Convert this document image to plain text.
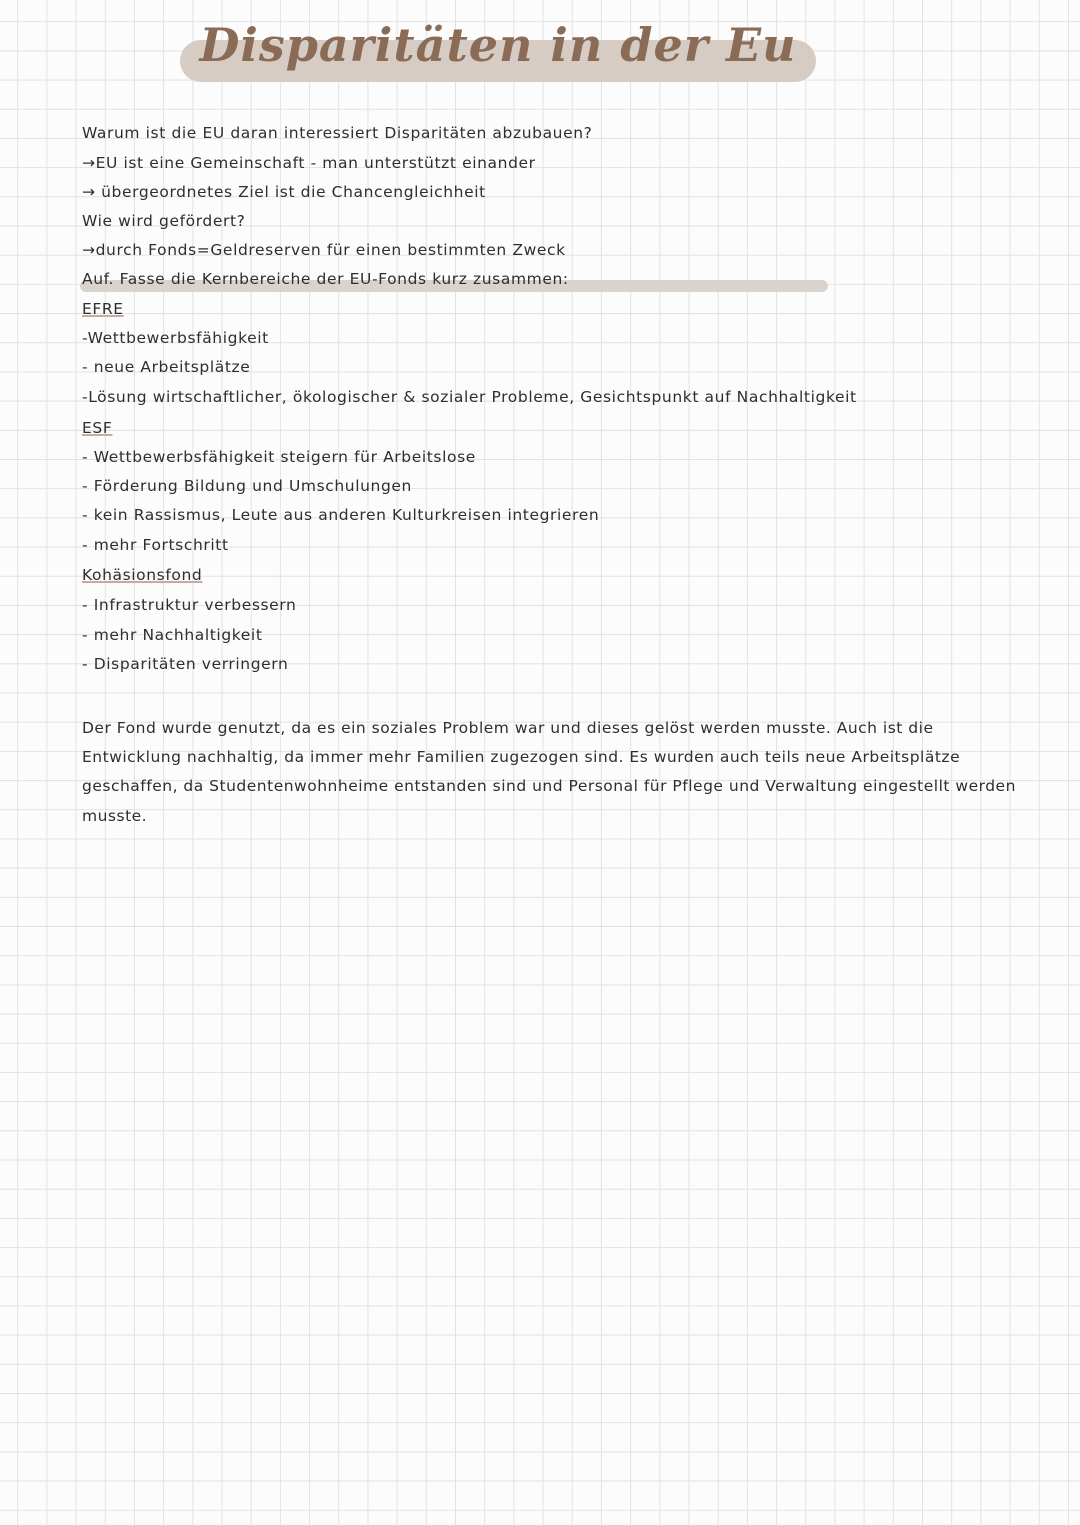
Disparitäten in der Eu
Warum ist die EU daran interessiert Disparitäten abzubauen?
→EU ist eine Gemeinschaft - man unterstützt einander
→ übergeordnetes Ziel ist die Chancengleichheit
Wie wird gefördert?
→durch Fonds=Geldreserven für einen bestimmten Zweck
Auf. Fasse die Kernbereiche der EU-Fonds kurz zusammen:
EFRE
-Wettbewerbsfähigkeit
- neue Arbeitsplätze
-Lösung wirtschaftlicher, ökologischer & sozialer Probleme, Gesichtspunkt auf Nachhaltigkeit
ESF
- Wettbewerbsfähigkeit steigern für Arbeitslose
- Förderung Bildung und Umschulungen
- kein Rassismus, Leute aus anderen Kulturkreisen integrieren
- mehr Fortschritt
Kohäsionsfond
- Infrastruktur verbessern
- mehr Nachhaltigkeit
- Disparitäten verringern
Der Fond wurde genutzt, da es ein soziales Problem war und dieses gelöst werden musste. Auch ist die Entwicklung nachhaltig, da immer mehr Familien zugezogen sind. Es wurden auch teils neue Arbeitsplätze geschaffen, da Studentenwohnheime entstanden sind und Personal für Pflege und Verwaltung eingestellt werden musste.
